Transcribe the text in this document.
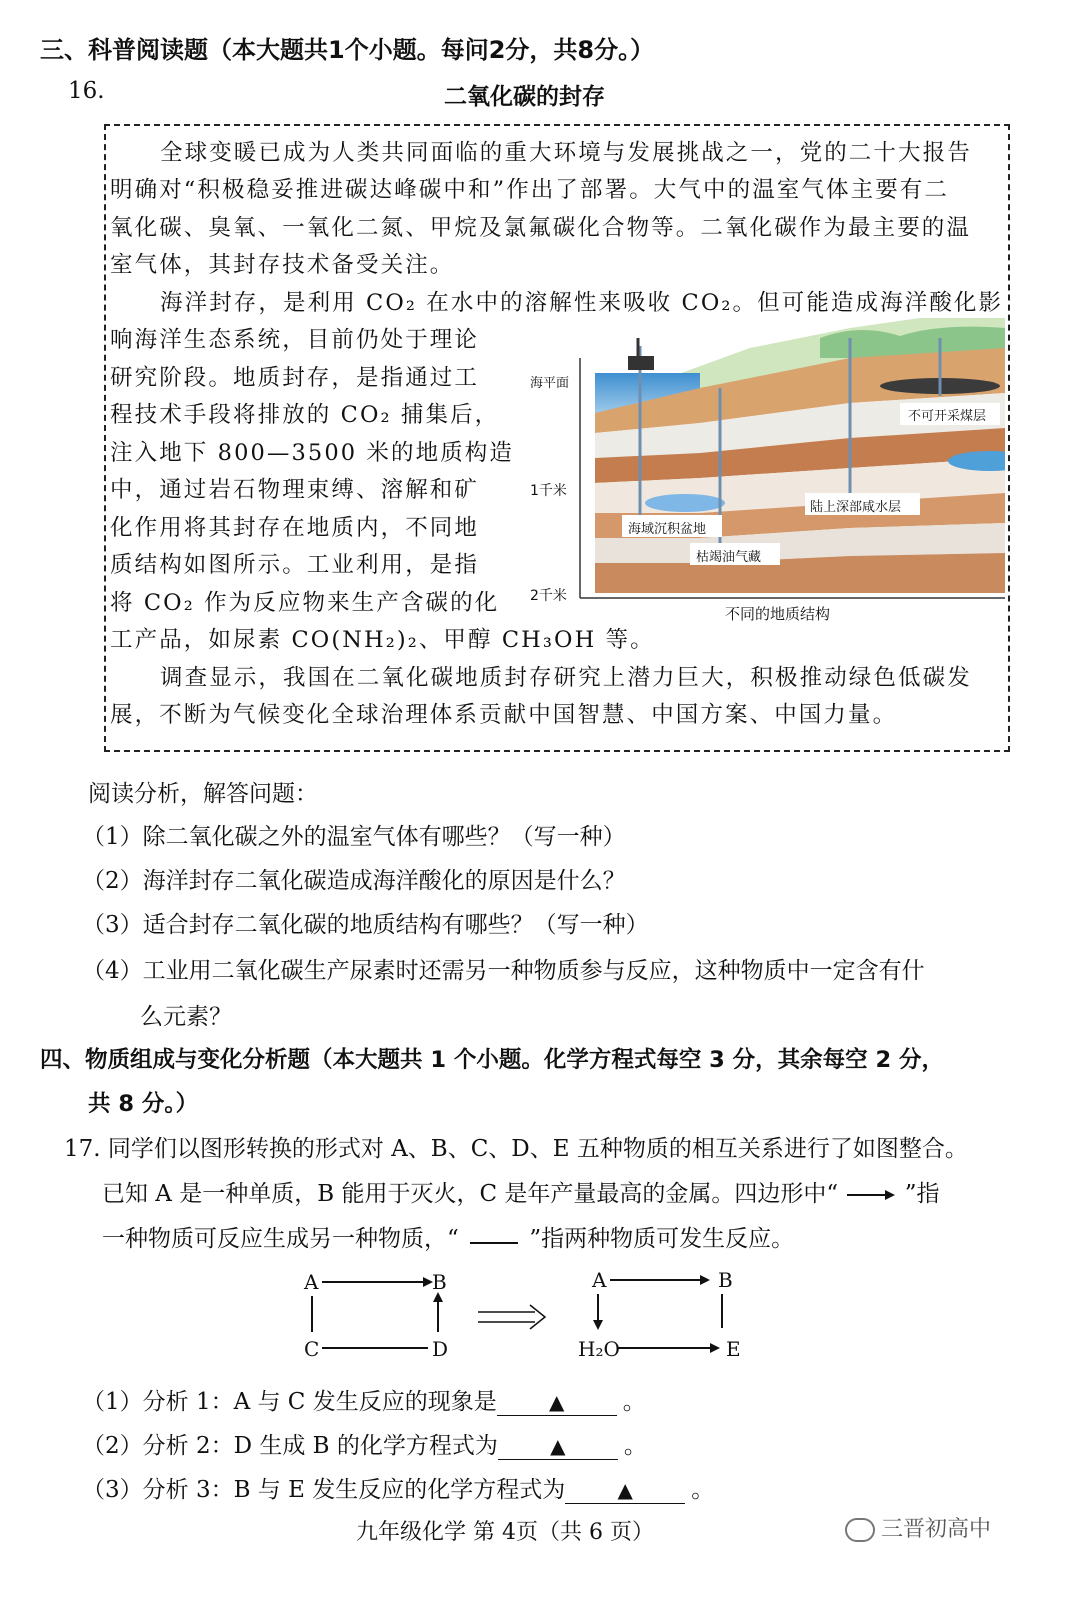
三、科普阅读题（本大题共1个小题。每问2分，共8分。）
16.	二氧化碳的封存
全球变暖已成为人类共同面临的重大环境与发展挑战之一，党的二十大报告
明确对“积极稳妥推进碳达峰碳中和”作出了部署。大气中的温室气体主要有二
氧化碳、臭氧、一氧化二氮、甲烷及氯氟碳化合物等。二氧化碳作为最主要的温
室气体，其封存技术备受关注。
海洋封存，是利用 CO₂ 在水中的溶解性来吸收 CO₂。但可能造成海洋酸化影
响海洋生态系统，目前仍处于理论
研究阶段。地质封存，是指通过工
程技术手段将排放的 CO₂ 捕集后，
注入地下 800—3500 米的地质构造
中，通过岩石物理束缚、溶解和矿
化作用将其封存在地质内，不同地
质结构如图所示。工业利用，是指
将 CO₂ 作为反应物来生产含碳的化
工产品，如尿素 CO(NH₂)₂、甲醇 CH₃OH 等。
调查显示，我国在二氧化碳地质封存研究上潜力巨大，积极推动绿色低碳发
展，不断为气候变化全球治理体系贡献中国智慧、中国方案、中国力量。
海平面
1千米
2千米
不可开采煤层
陆上深部咸水层
海域沉积盆地
枯竭油气藏
不同的地质结构
阅读分析，解答问题：
（1）除二氧化碳之外的温室气体有哪些？（写一种）
（2）海洋封存二氧化碳造成海洋酸化的原因是什么？
（3）适合封存二氧化碳的地质结构有哪些？（写一种）
（4）工业用二氧化碳生产尿素时还需另一种物质参与反应，这种物质中一定含有什
么元素？
四、物质组成与变化分析题（本大题共 1 个小题。化学方程式每空 3 分，其余每空 2 分，
共 8 分。）
17. 同学们以图形转换的形式对 A、B、C、D、E 五种物质的相互关系进行了如图整合。
已知 A 是一种单质，B 能用于灭火，C 是年产量最高的金属。四边形中“	”指
一种物质可反应生成另一种物质，“	”指两种物质可发生反应。
A	B
C	D
A	B
H₂O	E
（1）分析 1：A 与 C 发生反应的现象是	▲	。
（2）分析 2：D 生成 B 的化学方程式为	▲	。
（3）分析 3：B 与 E 发生反应的化学方程式为	▲	。
九年级化学 第 4页（共 6 页）	三晋初高中
